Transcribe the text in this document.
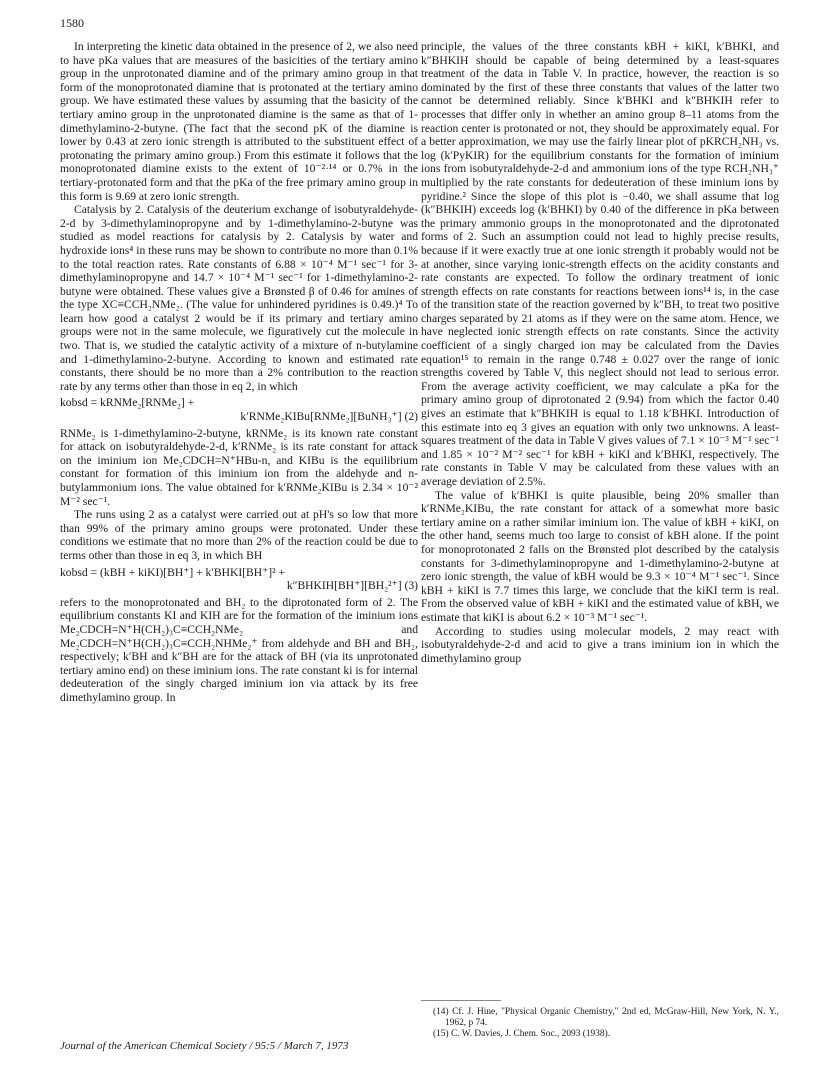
1580

In interpreting the kinetic data obtained in the presence of 2, we also need to have pKa values that are measures of the basicities of the tertiary amino group in the unprotonated diamine and of the primary amino group in that form of the monoprotonated diamine that is protonated at the tertiary amino group. We have estimated these values by assuming that the basicity of the tertiary amino group in the unprotonated diamine is the same as that of 1-dimethylamino-2-butyne. (The fact that the second pK of the diamine is lower by 0.43 at zero ionic strength is attributed to the substituent effect of protonating the primary amino group.) From this estimate it follows that the monoprotonated diamine exists to the extent of 10⁻²·¹⁴ or 0.7% in the tertiary-protonated form and that the pKa of the free primary amino group in this form is 9.69 at zero ionic strength.

Catalysis by 2. Catalysis of the deuterium exchange of isobutyraldehyde-2-d by 3-dimethylaminopropyne and by 1-dimethylamino-2-butyne was studied as model reactions for catalysis by 2. Catalysis by water and hydroxide ions⁴ in these runs may be shown to contribute no more than 0.1% to the total reaction rates. Rate constants of 6.88 × 10⁻⁴ M⁻¹ sec⁻¹ for 3-dimethylaminopropyne and 14.7 × 10⁻⁴ M⁻¹ sec⁻¹ for 1-dimethylamino-2-butyne were obtained. These values give a Brønsted β of 0.46 for amines of the type XC≡CCH₂NMe₂. (The value for unhindered pyridines is 0.49.)⁴ To learn how good a catalyst 2 would be if its primary and tertiary amino groups were not in the same molecule, we figuratively cut the molecule in two. That is, we studied the catalytic activity of a mixture of n-butylamine and 1-dimethylamino-2-butyne. According to known and estimated rate constants, there should be no more than a 2% contribution to the reaction rate by any terms other than those in eq 2, in which

kobsd = kRNMe₂[RNMe₂] +
k′RNMe₂KIBu[RNMe₂][BuNH₃⁺] (2)

RNMe₂ is 1-dimethylamino-2-butyne, kRNMe₂ is its known rate constant for attack on isobutyraldehyde-2-d, k′RNMe₂ is its rate constant for attack on the iminium ion Me₂CDCH=N⁺HBu-n, and KIBu is the equilibrium constant for formation of this iminium ion from the aldehyde and n-butylammonium ions. The value obtained for k′RNMe₂KIBu is 2.34 × 10⁻² M⁻² sec⁻¹.

The runs using 2 as a catalyst were carried out at pH's so low that more than 99% of the primary amino groups were protonated. Under these conditions we estimate that no more than 2% of the reaction could be due to terms other than those in eq 3, in which BH

kobsd = (kBH + kiKI)[BH⁺] + k′BHKI[BH⁺]² +
k″BHKIH[BH⁺][BH₂²⁺] (3)

refers to the monoprotonated and BH₂ to the diprotonated form of 2. The equilibrium constants KI and KIH are for the formation of the iminium ions Me₂CDCH=N⁺H(CH₂)₃C≡CCH₂NMe₂ and Me₂CDCH=N⁺H(CH₂)₃C≡CCH₂NHMe₂⁺ from aldehyde and BH and BH₂, respectively; k′BH and k″BH are for the attack of BH (via its unprotonated tertiary amino end) on these iminium ions. The rate constant ki is for internal dedeuteration of the singly charged iminium ion via attack by its free dimethylamino group. In

principle, the values of the three constants kBH + kiKI, k′BHKI, and k″BHKIH should be capable of being determined by a least-squares treatment of the data in Table V. In practice, however, the reaction is so dominated by the first of these three constants that values of the latter two cannot be determined reliably. Since k′BHKI and k″BHKIH refer to processes that differ only in whether an amino group 8–11 atoms from the reaction center is protonated or not, they should be approximately equal. For a better approximation, we may use the fairly linear plot of pKRCH₂NH₃ vs. log (k′PyKIR) for the equilibrium constants for the formation of iminium ions from isobutyraldehyde-2-d and ammonium ions of the type RCH₂NH₃⁺ multiplied by the rate constants for dedeuteration of these iminium ions by pyridine.² Since the slope of this plot is −0.40, we shall assume that log (k″BHKIH) exceeds log (k′BHKI) by 0.40 of the difference in pKa between the primary ammonio groups in the monoprotonated and the diprotonated forms of 2. Such an assumption could not lead to highly precise results, because if it were exactly true at one ionic strength it probably would not be at another, since varying ionic-strength effects on the acidity constants and rate constants are expected. To follow the ordinary treatment of ionic strength effects on rate constants for reactions between ions¹⁴ is, in the case of the transition state of the reaction governed by k″BH, to treat two positive charges separated by 21 atoms as if they were on the same atom. Hence, we have neglected ionic strength effects on rate constants. Since the activity coefficient of a singly charged ion may be calculated from the Davies equation¹⁵ to remain in the range 0.748 ± 0.027 over the range of ionic strengths covered by Table V, this neglect should not lead to serious error. From the average activity coefficient, we may calculate a pKa for the primary amino group of diprotonated 2 (9.94) from which the factor 0.40 gives an estimate that k″BHKIH is equal to 1.18 k′BHKI. Introduction of this estimate into eq 3 gives an equation with only two unknowns. A least-squares treatment of the data in Table V gives values of 7.1 × 10⁻³ M⁻¹ sec⁻¹ and 1.85 × 10⁻² M⁻² sec⁻¹ for kBH + kiKI and k′BHKI, respectively. The rate constants in Table V may be calculated from these values with an average deviation of 2.5%.

The value of k′BHKI is quite plausible, being 20% smaller than k′RNMe₂KIBu, the rate constant for attack of a somewhat more basic tertiary amine on a rather similar iminium ion. The value of kBH + kiKI, on the other hand, seems much too large to consist of kBH alone. If the point for monoprotonated 2 falls on the Brønsted plot described by the catalysis constants for 3-dimethylaminopropyne and 1-dimethylamino-2-butyne at zero ionic strength, the value of kBH would be 9.3 × 10⁻⁴ M⁻¹ sec⁻¹. Since kBH + kiKI is 7.7 times this large, we conclude that the kiKI term is real. From the observed value of kBH + kiKI and the estimated value of kBH, we estimate that kiKI is about 6.2 × 10⁻³ M⁻¹ sec⁻¹.

According to studies using molecular models, 2 may react with isobutyraldehyde-2-d and acid to give a trans iminium ion in which the dimethylamino group

(14) Cf. J. Hine, "Physical Organic Chemistry," 2nd ed, McGraw-Hill, New York, N. Y., 1962, p 74.

(15) C. W. Davies, J. Chem. Soc., 2093 (1938).

Journal of the American Chemical Society / 95:5 / March 7, 1973
